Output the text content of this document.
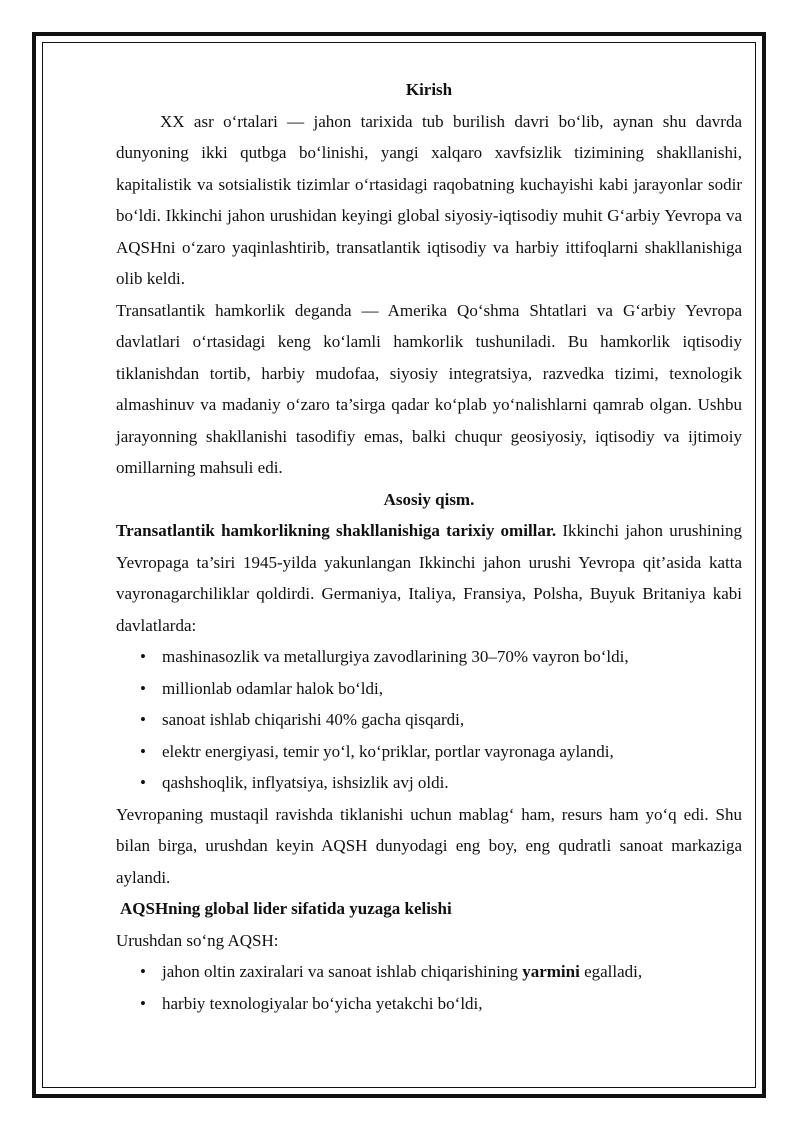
Kirish

XX asr o‘rtalari — jahon tarixida tub burilish davri bo‘lib, aynan shu davrda dunyoning ikki qutbga bo‘linishi, yangi xalqaro xavfsizlik tizimining shakllanishi, kapitalistik va sotsialistik tizimlar o‘rtasidagi raqobatning kuchayishi kabi jarayonlar sodir bo‘ldi. Ikkinchi jahon urushidan keyingi global siyosiy-iqtisodiy muhit G‘arbiy Yevropa va AQSHni o‘zaro yaqinlashtirib, transatlantik iqtisodiy va harbiy ittifoqlarni shakllanishiga olib keldi.

Transatlantik hamkorlik deganda — Amerika Qo‘shma Shtatlari va G‘arbiy Yevropa davlatlari o‘rtasidagi keng ko‘lamli hamkorlik tushuniladi. Bu hamkorlik iqtisodiy tiklanishdan tortib, harbiy mudofaa, siyosiy integratsiya, razvedka tizimi, texnologik almashinuv va madaniy o‘zaro ta’sirga qadar ko‘plab yo‘nalishlarni qamrab olgan. Ushbu jarayonning shakllanishi tasodifiy emas, balki chuqur geosiyosiy, iqtisodiy va ijtimoiy omillarning mahsuli edi.

Asosiy qism.

Transatlantik hamkorlikning shakllanishiga tarixiy omillar. Ikkinchi jahon urushining Yevropaga ta’siri 1945-yilda yakunlangan Ikkinchi jahon urushi Yevropa qit’asida katta vayronagarchiliklar qoldirdi. Germaniya, Italiya, Fransiya, Polsha, Buyuk Britaniya kabi davlatlarda:

• mashinasozlik va metallurgiya zavodlarining 30–70% vayron bo‘ldi,
• millionlab odamlar halok bo‘ldi,
• sanoat ishlab chiqarishi 40% gacha qisqardi,
• elektr energiyasi, temir yo‘l, ko‘priklar, portlar vayronaga aylandi,
• qashshoqlik, inflyatsiya, ishsizlik avj oldi.

Yevropaning mustaqil ravishda tiklanishi uchun mablag‘ ham, resurs ham yo‘q edi. Shu bilan birga, urushdan keyin AQSH dunyodagi eng boy, eng qudratli sanoat markaziga aylandi.

AQSHning global lider sifatida yuzaga kelishi

Urushdan so‘ng AQSH:

• jahon oltin zaxiralari va sanoat ishlab chiqarishining yarmini egalladi,
• harbiy texnologiyalar bo‘yicha yetakchi bo‘ldi,
